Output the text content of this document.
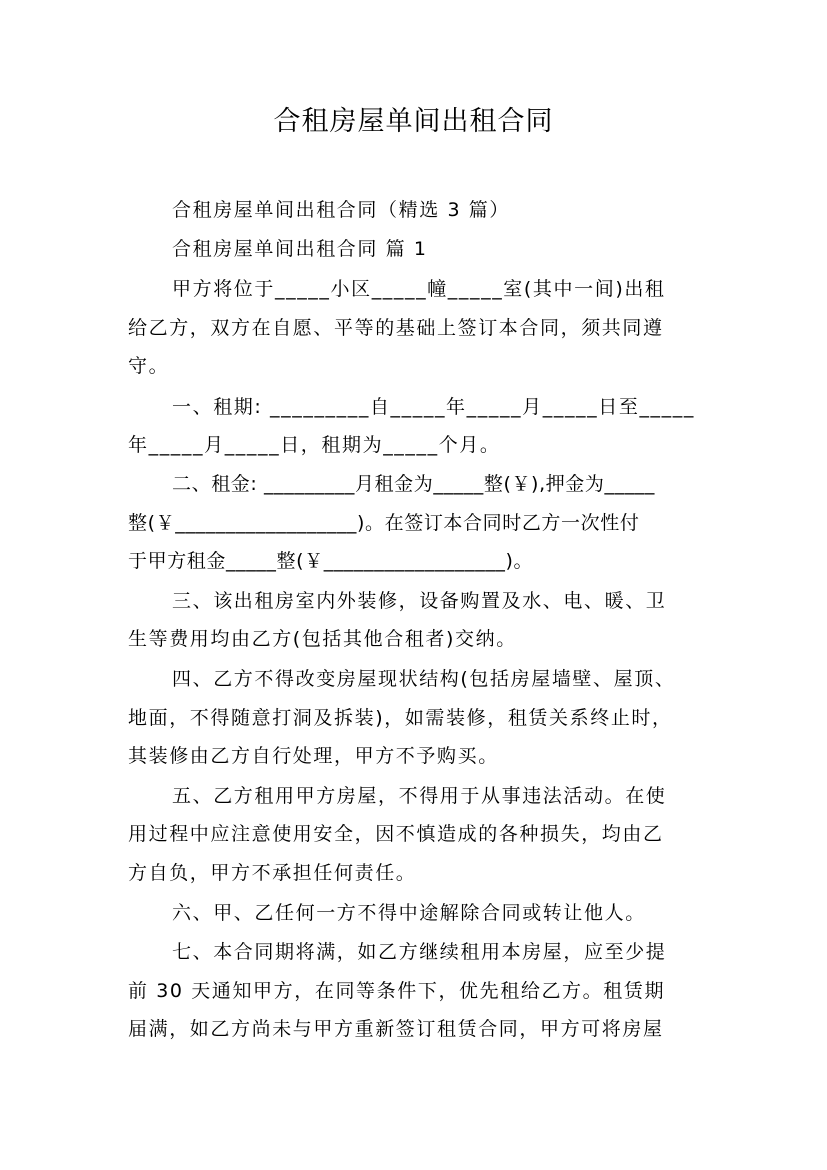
合租房屋单间出租合同
合租房屋单间出租合同（精选 3 篇）
合租房屋单间出租合同 篇 1
甲方将位于_____小区_____幢_____室(其中一间)出租
给乙方，双方在自愿、平等的基础上签订本合同，须共同遵
守。
一、租期: _________自_____年_____月_____日至_____
年_____月_____日，租期为_____个月。
二、租金: _________月租金为_____整(￥),押金为_____
整(￥__________________)。在签订本合同时乙方一次性付
于甲方租金_____整(￥__________________)。
三、该出租房室内外装修，设备购置及水、电、暖、卫
生等费用均由乙方(包括其他合租者)交纳。
四、乙方不得改变房屋现状结构(包括房屋墙壁、屋顶、
地面，不得随意打洞及拆装)，如需装修，租赁关系终止时，
其装修由乙方自行处理，甲方不予购买。
五、乙方租用甲方房屋，不得用于从事违法活动。在使
用过程中应注意使用安全，因不慎造成的各种损失，均由乙
方自负，甲方不承担任何责任。
六、甲、乙任何一方不得中途解除合同或转让他人。
七、本合同期将满，如乙方继续租用本房屋，应至少提
前 30 天通知甲方，在同等条件下，优先租给乙方。租赁期
届满，如乙方尚未与甲方重新签订租赁合同，甲方可将房屋
